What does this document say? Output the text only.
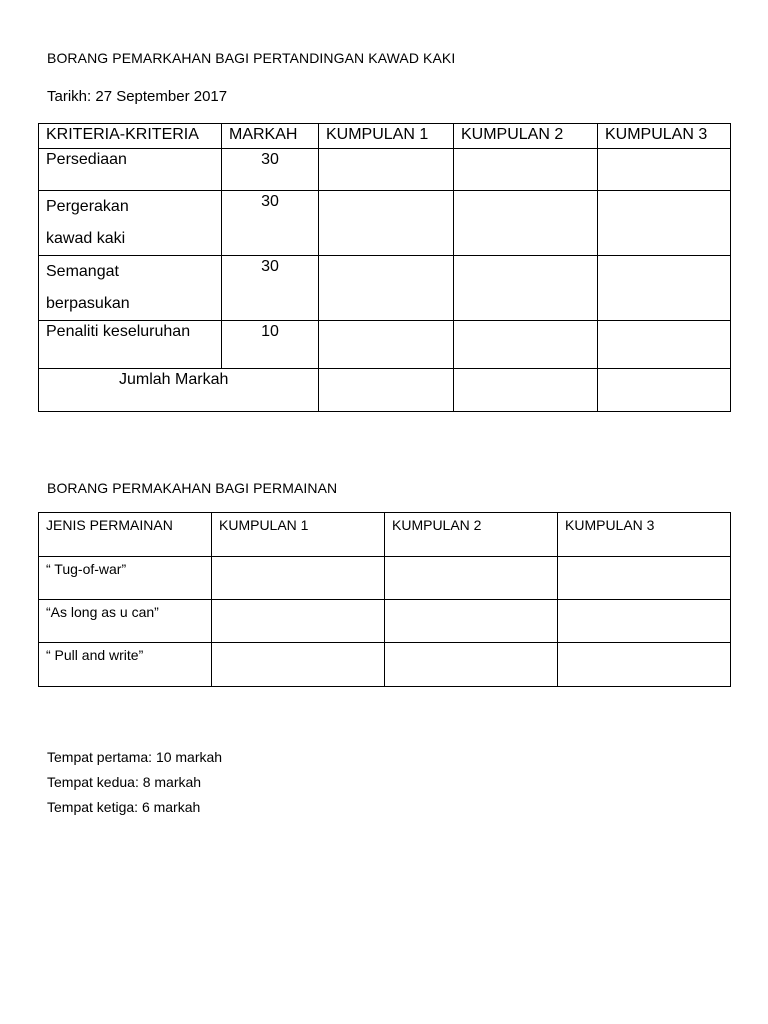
BORANG PEMARKAHAN BAGI PERTANDINGAN KAWAD KAKI
Tarikh: 27 September 2017
KRITERIA-KRITERIA	MARKAH	KUMPULAN 1	KUMPULAN 2	KUMPULAN 3
Persediaan	30			

Pergerakan
kawad kaki	30			

Semangat
berpasukan	30			
Penaliti keseluruhan	10			
Jumlah Markah				
BORANG PERMAKAHAN BAGI PERMAINAN
JENIS PERMAINAN	KUMPULAN 1	KUMPULAN 2	KUMPULAN 3
“ Tug-of-war”			
“As long as u can”			
“ Pull and write”			
Tempat pertama: 10 markah
Tempat kedua: 8 markah
Tempat ketiga: 6 markah
